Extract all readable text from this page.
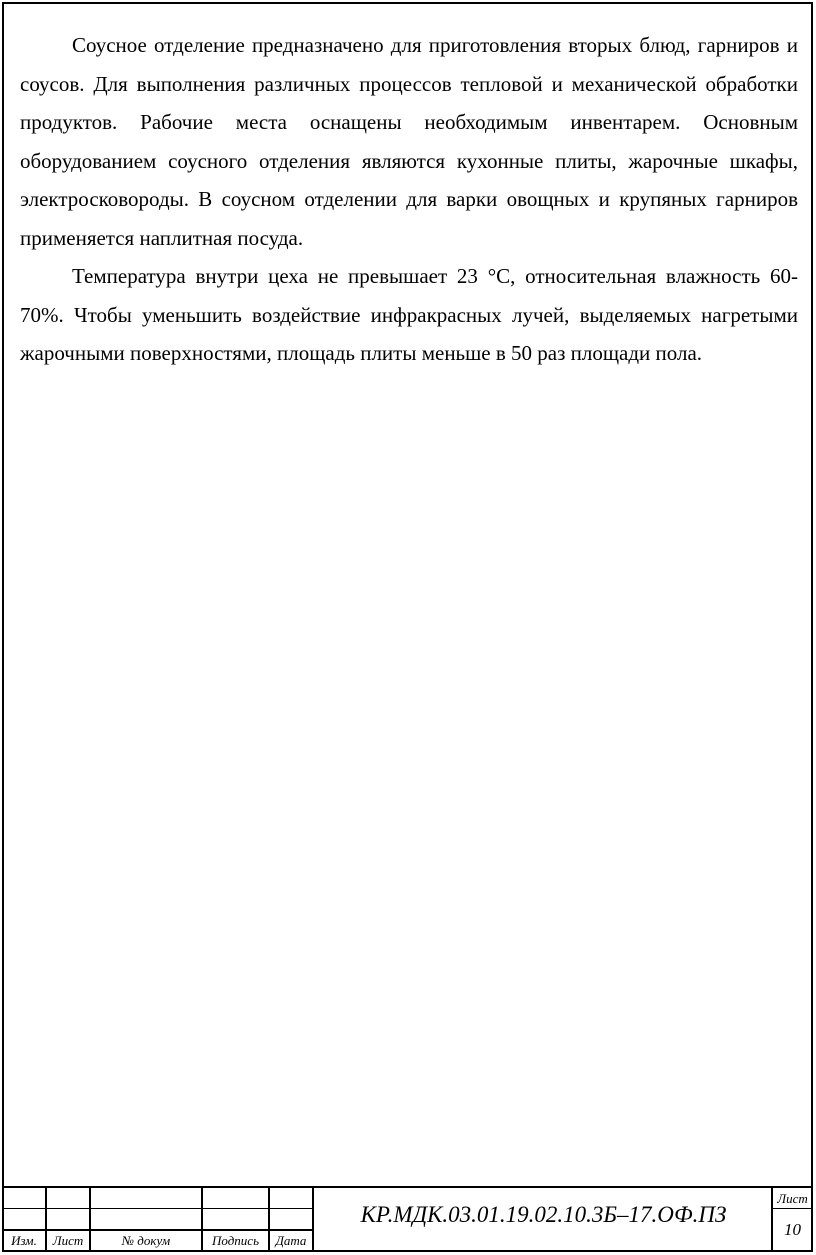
Соусное отделение предназначено для приготовления вторых блюд, гарниров и соусов. Для выполнения различных процессов тепловой и механической обработки продуктов. Рабочие места оснащены необходимым инвентарем. Основным оборудованием соусного отделения являются кухонные плиты, жарочные шкафы, электросковороды. В соусном отделении для варки овощных и крупяных гарниров применяется наплитная посуда.

Температура внутри цеха не превышает 23 °С, относительная влажность 60-70%. Чтобы уменьшить воздействие инфракрасных лучей, выделяемых нагретыми жарочными поверхностями, площадь плиты меньше в 50 раз площади пола.

Изм.	Лист	№ докум	Подпись	Дата
КР.МДК.03.01.19.02.10.3Б–17.ОФ.ПЗ
Лист
10
